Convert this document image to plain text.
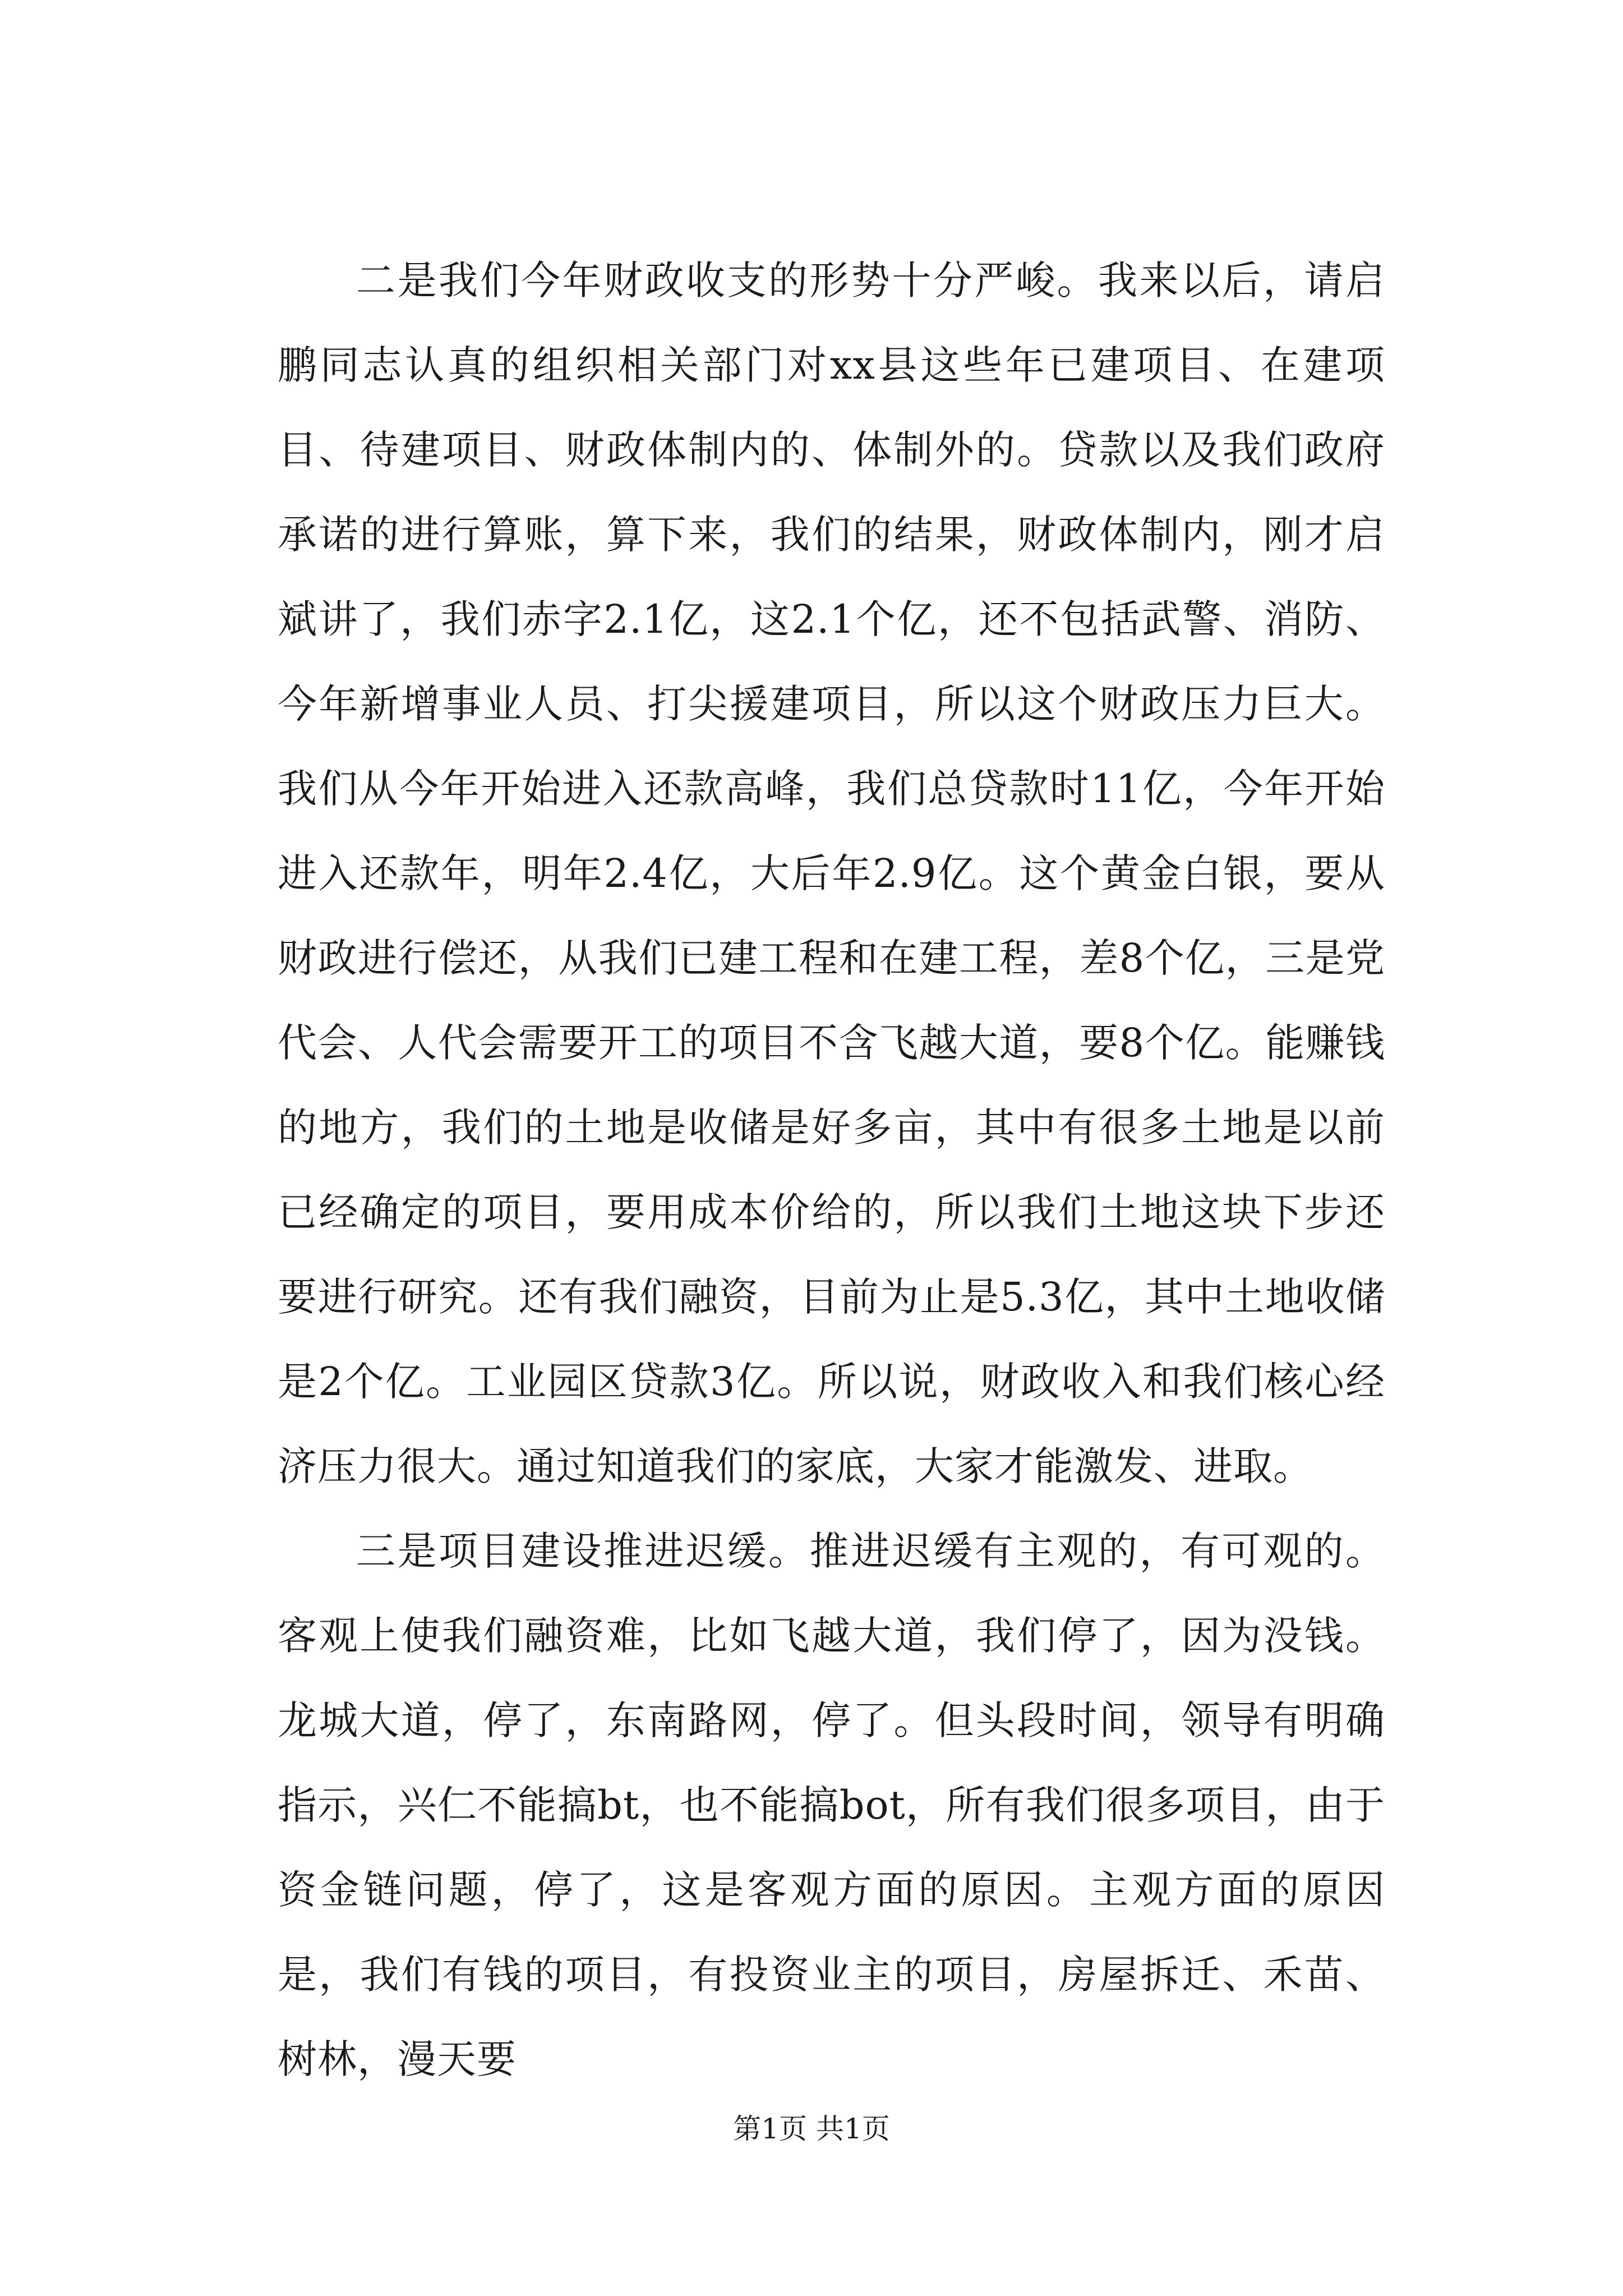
二是我们今年财政收支的形势十分严峻。我来以后，请启鹏同志认真的组织相关部门对xx县这些年已建项目、在建项目、待建项目、财政体制内的、体制外的。贷款以及我们政府承诺的进行算账，算下来，我们的结果，财政体制内，刚才启斌讲了，我们赤字2.1亿，这2.1个亿，还不包括武警、消防、今年新增事业人员、打尖援建项目，所以这个财政压力巨大。我们从今年开始进入还款高峰，我们总贷款时11亿，今年开始进入还款年，明年2.4亿，大后年2.9亿。这个黄金白银，要从财政进行偿还，从我们已建工程和在建工程，差8个亿，三是党代会、人代会需要开工的项目不含飞越大道，要8个亿。能赚钱的地方，我们的土地是收储是好多亩，其中有很多土地是以前已经确定的项目，要用成本价给的，所以我们土地这块下步还要进行研究。还有我们融资，目前为止是5.3亿，其中土地收储是2个亿。工业园区贷款3亿。所以说，财政收入和我们核心经济压力很大。通过知道我们的家底，大家才能激发、进取。

三是项目建设推进迟缓。推进迟缓有主观的，有可观的。客观上使我们融资难，比如飞越大道，我们停了，因为没钱。龙城大道，停了，东南路网，停了。但头段时间，领导有明确指示，兴仁不能搞bt，也不能搞bot，所有我们很多项目，由于资金链问题，停了，这是客观方面的原因。主观方面的原因是，我们有钱的项目，有投资业主的项目，房屋拆迁、禾苗、树林，漫天要

第1页 共1页
